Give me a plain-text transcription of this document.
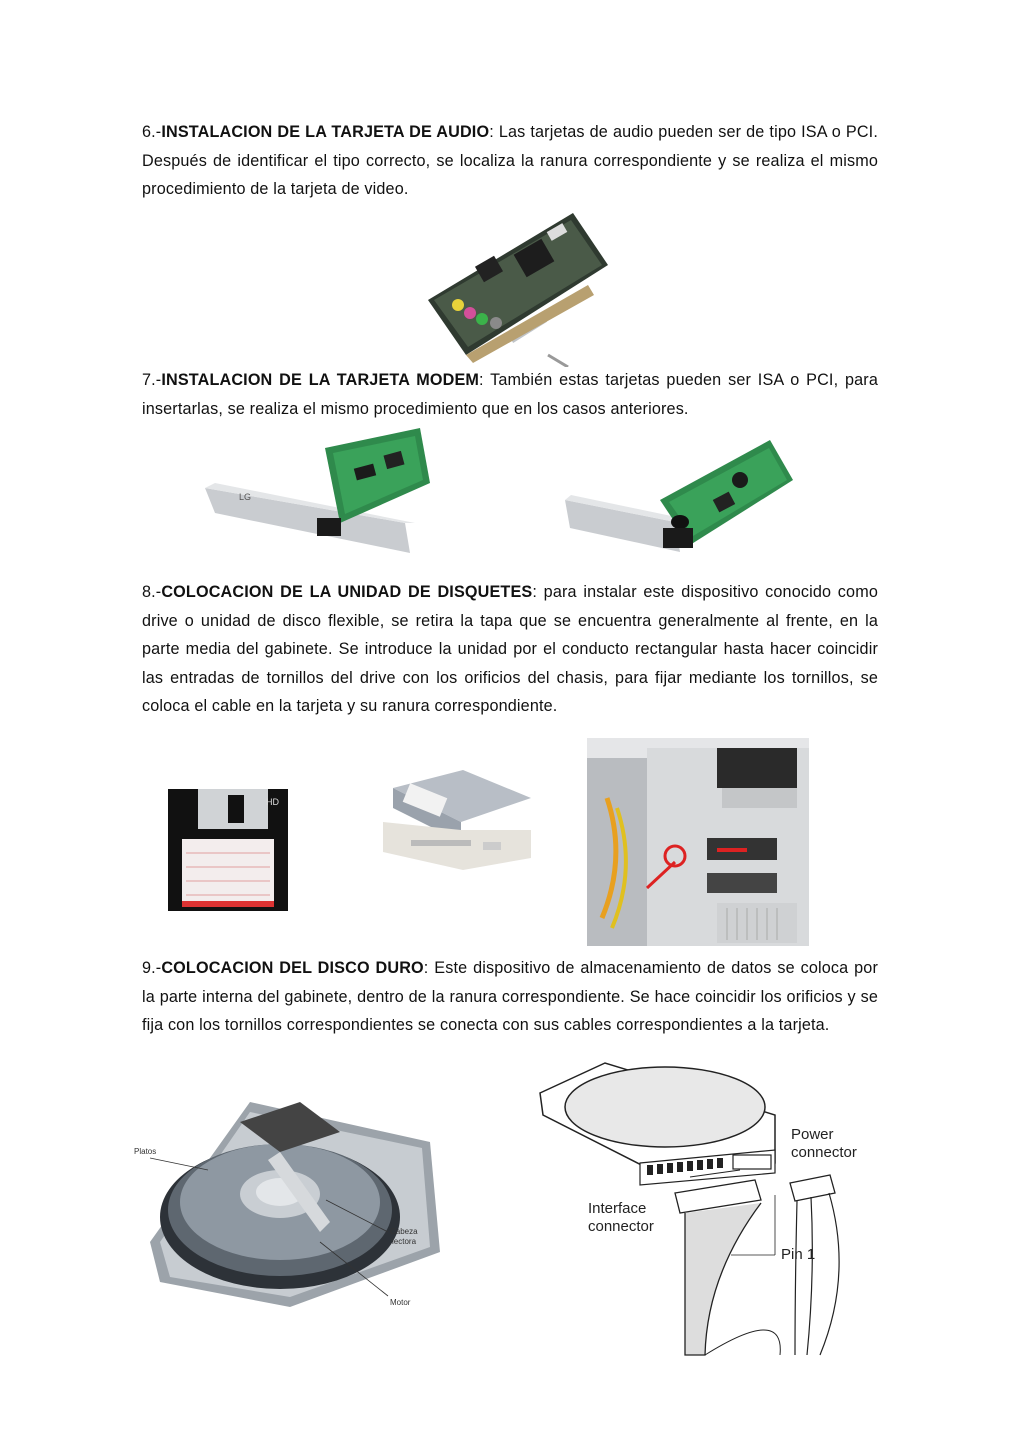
6.-INSTALACION DE LA TARJETA DE AUDIO: Las tarjetas de audio pueden ser de tipo ISA o PCI. Después de identificar el tipo correcto, se localiza la ranura correspondiente y se realiza el mismo procedimiento de la tarjeta de video.

7.-INSTALACION DE LA TARJETA MODEM: También estas tarjetas pueden ser ISA o PCI, para insertarlas, se realiza el mismo procedimiento que en los casos anteriores.

LG

8.-COLOCACION DE LA UNIDAD DE DISQUETES: para instalar este dispositivo conocido como drive o unidad de disco flexible, se retira la tapa que se encuentra generalmente al frente, en la parte media del gabinete. Se introduce la unidad por el conducto rectangular hasta hacer coincidir las entradas de tornillos del drive con los orificios del chasis, para fijar mediante los tornillos, se coloca el cable en la tarjeta y su ranura correspondiente.

HD

9.-COLOCACION DEL DISCO DURO: Este dispositivo de almacenamiento de datos se coloca por la parte interna del gabinete, dentro de la ranura correspondiente. Se hace coincidir los orificios y se fija con los tornillos correspondientes se conecta con sus cables correspondientes a la tarjeta.

Platos
Cabeza
lectora
Motor
Power
connector
Interface
connector
Pin 1
